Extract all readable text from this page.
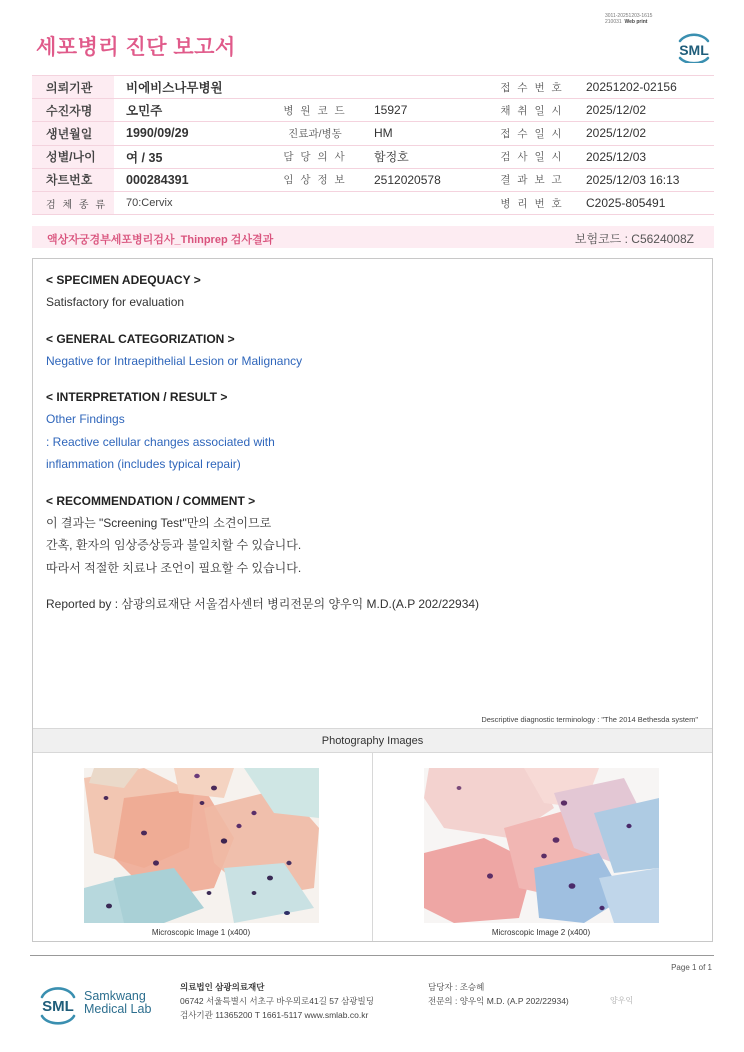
세포병리 진단 보고서
3011-20251203-1615
210031 Web print
SML
의뢰기관	비에비스나무병원			접 수 번 호	20251202-02156
수진자명	오민주	병 원 코 드	15927	채 취 일 시	2025/12/02
생년월일	1990/09/29	진료과/병동	HM	접 수 일 시	2025/12/02
성별/나이	여 / 35	담 당 의 사	함정호	검 사 일 시	2025/12/03
차트번호	000284391	임 상 정 보	2512020578	결 과 보 고	2025/12/03 16:13
검 체 종 류	70:Cervix			병 리 번 호	C2025-805491
액상자궁경부세포병리검사_Thinprep 검사결과	보험코드 : C5624008Z
< SPECIMEN ADEQUACY >
Satisfactory for evaluation
< GENERAL CATEGORIZATION >
Negative for Intraepithelial Lesion or Malignancy
< INTERPRETATION / RESULT >
Other Findings
: Reactive cellular changes associated with
inflammation (includes typical repair)
< RECOMMENDATION / COMMENT >
이 결과는 "Screening Test"만의 소견이므로
간혹, 환자의 임상증상등과 불일치할 수 있습니다.
따라서 적절한 치료나 조언이 필요할 수 있습니다.
Reported by : 삼광의료재단 서울검사센터 병리전문의 양우익 M.D.(A.P 202/22934)
Descriptive diagnostic terminology : "The 2014 Bethesda system"
Photography Images
Microscopic Image 1 (x400)	Microscopic Image 2 (x400)
Page 1 of 1
SML
Samkwang
Medical Lab
의료법인 삼광의료재단
06742 서울특별시 서초구 바우뫼로41길 57 삼광빌딩
검사기관 11365200 T 1661-5117 www.smlab.co.kr
담당자 : 조승혜
전문의 : 양우익 M.D. (A.P 202/22934)	양우익
